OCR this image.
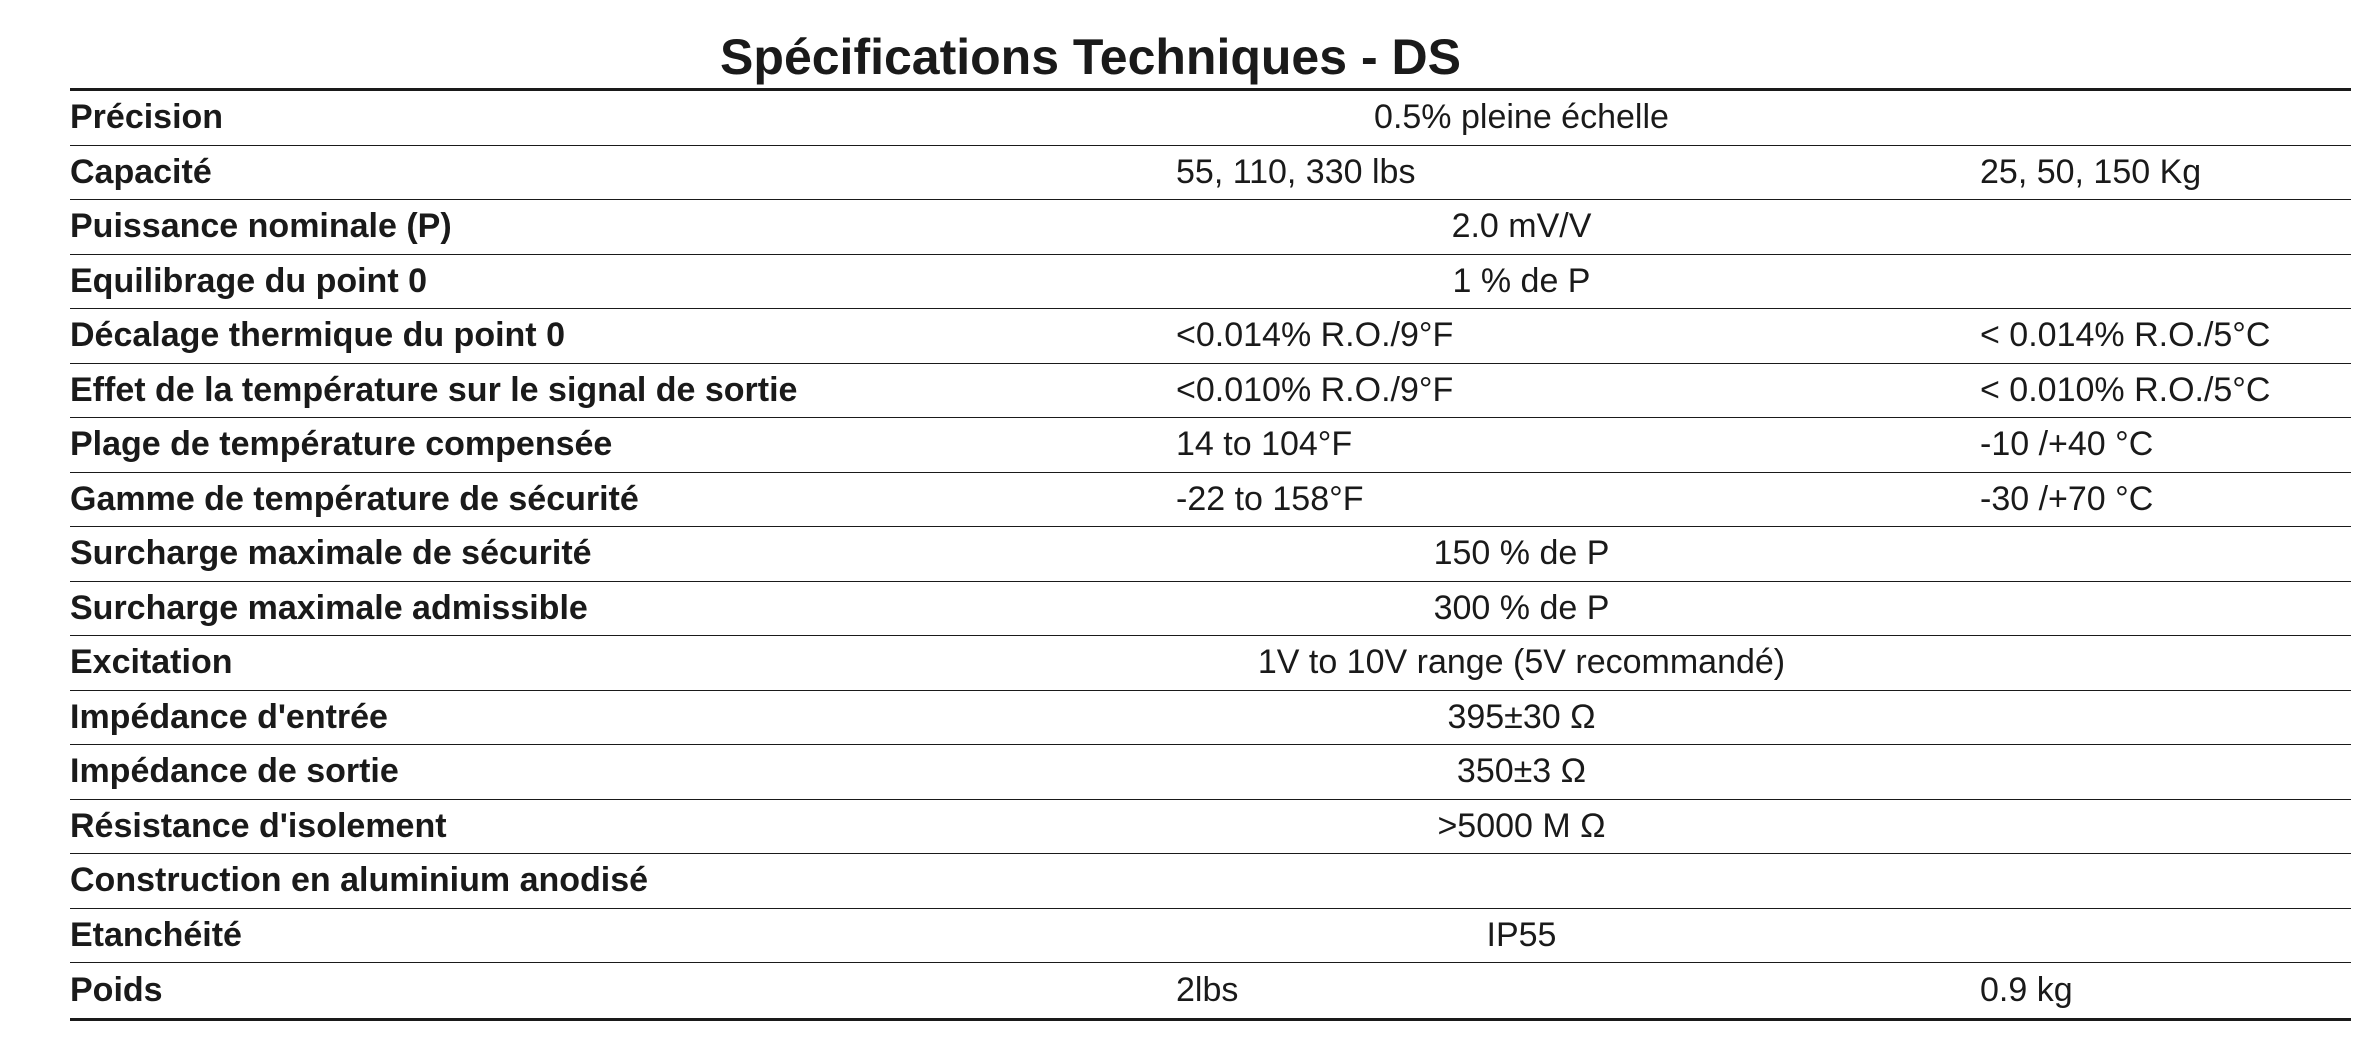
Spécifications Techniques - DS
Précision	0.5% pleine échelle
Capacité	55, 110, 330 lbs	25, 50, 150 Kg
Puissance nominale (P)	2.0 mV/V
Equilibrage du point 0	1 % de P
Décalage thermique du point 0	<0.014% R.O./9°F	< 0.014% R.O./5°C
Effet de la température sur le signal de sortie	<0.010% R.O./9°F	< 0.010% R.O./5°C
Plage de température compensée	14 to 104°F	-10 /+40 °C
Gamme de température de sécurité	-22 to 158°F	-30 /+70 °C
Surcharge maximale de sécurité	150 % de P
Surcharge maximale admissible	300 % de P
Excitation	1V to 10V range (5V recommandé)
Impédance d'entrée	395±30 Ω
Impédance de sortie	350±3 Ω
Résistance d'isolement	>5000 M Ω
Construction en aluminium anodisé
Etanchéité	IP55
Poids	2lbs	0.9 kg
